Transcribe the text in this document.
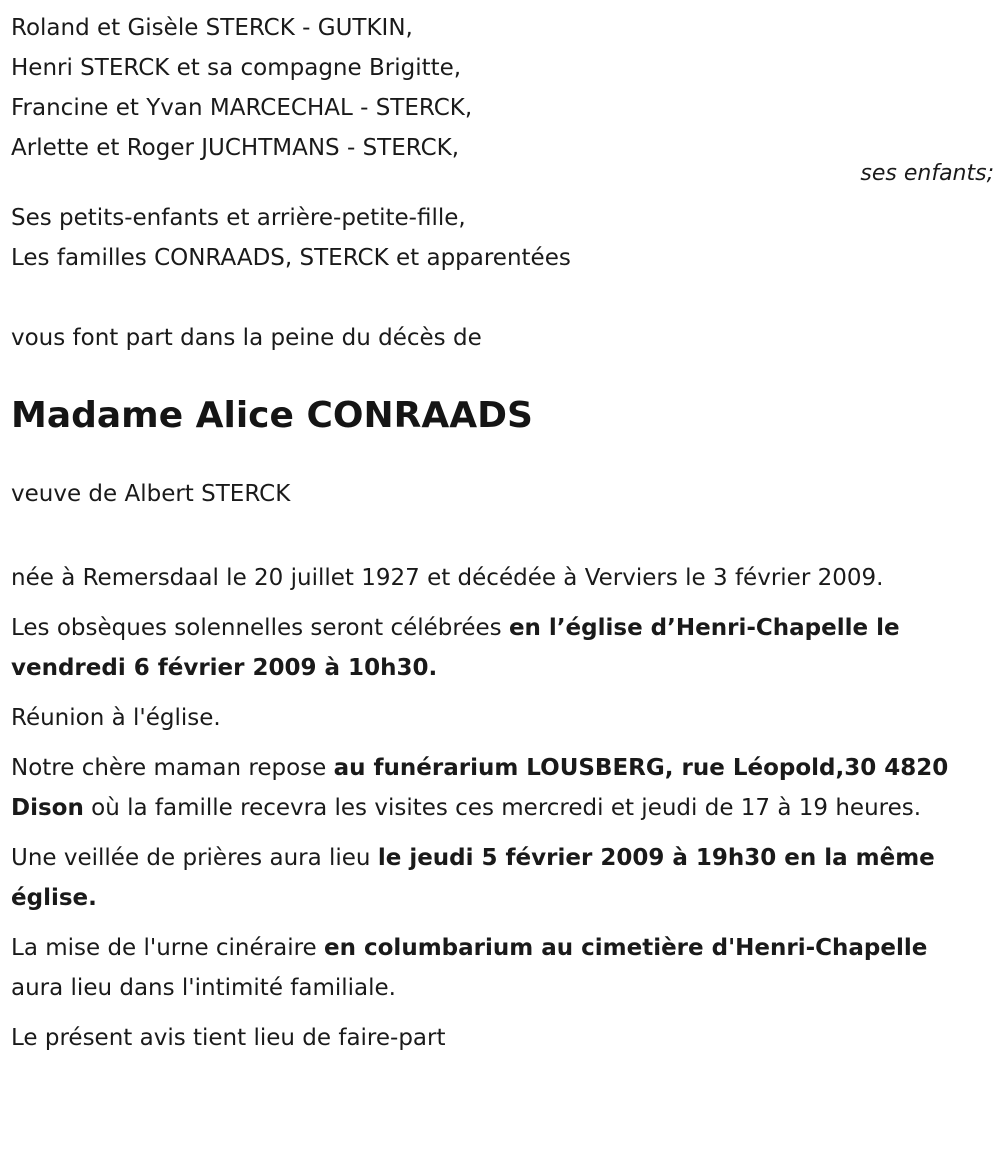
Roland et Gisèle STERCK - GUTKIN,
Henri STERCK et sa compagne Brigitte,
Francine et Yvan MARCECHAL - STERCK,
Arlette et Roger JUCHTMANS - STERCK,
ses enfants;
Ses petits-enfants et arrière-petite-fille,
Les familles CONRAADS, STERCK et apparentées
vous font part dans la peine du décès de
Madame Alice CONRAADS
veuve de Albert STERCK

née à Remersdaal le 20 juillet 1927 et décédée à Verviers le 3 février 2009.

Les obsèques solennelles seront célébrées en l’église d’Henri-Chapelle le vendredi 6 février 2009 à 10h30.

Réunion à l'église.

Notre chère maman repose au funérarium LOUSBERG, rue Léopold,30 4820 Dison où la famille recevra les visites ces mercredi et jeudi de 17 à 19 heures.

Une veillée de prières aura lieu le jeudi 5 février 2009 à 19h30 en la même église.

La mise de l'urne cinéraire en columbarium au cimetière d'Henri-Chapelle aura lieu dans l'intimité familiale.

Le présent avis tient lieu de faire-part
